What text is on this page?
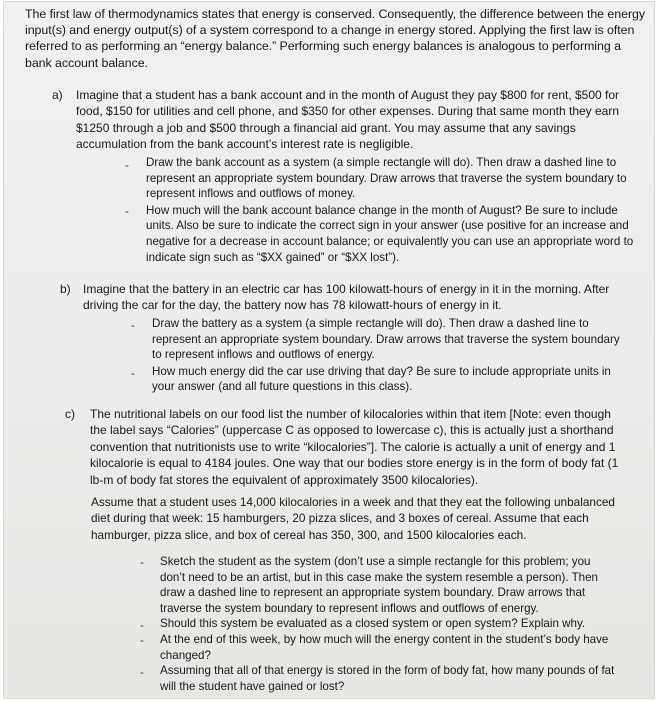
The first law of thermodynamics states that energy is conserved. Consequently, the difference between the energy input(s) and energy output(s) of a system correspond to a change in energy stored. Applying the first law is often referred to as performing an “energy balance.” Performing such energy balances is analogous to performing a bank account balance.

a) Imagine that a student has a bank account and in the month of August they pay $800 for rent, $500 for food, $150 for utilities and cell phone, and $350 for other expenses. During that same month they earn $1250 through a job and $500 through a financial aid grant. You may assume that any savings accumulation from the bank account’s interest rate is negligible.

- Draw the bank account as a system (a simple rectangle will do). Then draw a dashed line to represent an appropriate system boundary. Draw arrows that traverse the system boundary to represent inflows and outflows of money.
- How much will the bank account balance change in the month of August? Be sure to include units. Also be sure to indicate the correct sign in your answer (use positive for an increase and negative for a decrease in account balance; or equivalently you can use an appropriate word to indicate sign such as “$XX gained” or “$XX lost”).
b) Imagine that the battery in an electric car has 100 kilowatt-hours of energy in it in the morning. After driving the car for the day, the battery now has 78 kilowatt-hours of energy in it.

- Draw the battery as a system (a simple rectangle will do). Then draw a dashed line to represent an appropriate system boundary. Draw arrows that traverse the system boundary to represent inflows and outflows of energy.
- How much energy did the car use driving that day? Be sure to include appropriate units in your answer (and all future questions in this class).
c) The nutritional labels on our food list the number of kilocalories within that item [Note: even though the label says “Calories” (uppercase C as opposed to lowercase c), this is actually just a shorthand convention that nutritionists use to write “kilocalories”]. The calorie is actually a unit of energy and 1 kilocalorie is equal to 4184 joules. One way that our bodies store energy is in the form of body fat (1 lb-m of body fat stores the equivalent of approximately 3500 kilocalories).

Assume that a student uses 14,000 kilocalories in a week and that they eat the following unbalanced diet during that week: 15 hamburgers, 20 pizza slices, and 3 boxes of cereal. Assume that each hamburger, pizza slice, and box of cereal has 350, 300, and 1500 kilocalories each.

- Sketch the student as the system (don’t use a simple rectangle for this problem; you don’t need to be an artist, but in this case make the system resemble a person). Then draw a dashed line to represent an appropriate system boundary. Draw arrows that traverse the system boundary to represent inflows and outflows of energy.
- Should this system be evaluated as a closed system or open system? Explain why.
- At the end of this week, by how much will the energy content in the student’s body have changed?
- Assuming that all of that energy is stored in the form of body fat, how many pounds of fat will the student have gained or lost?
